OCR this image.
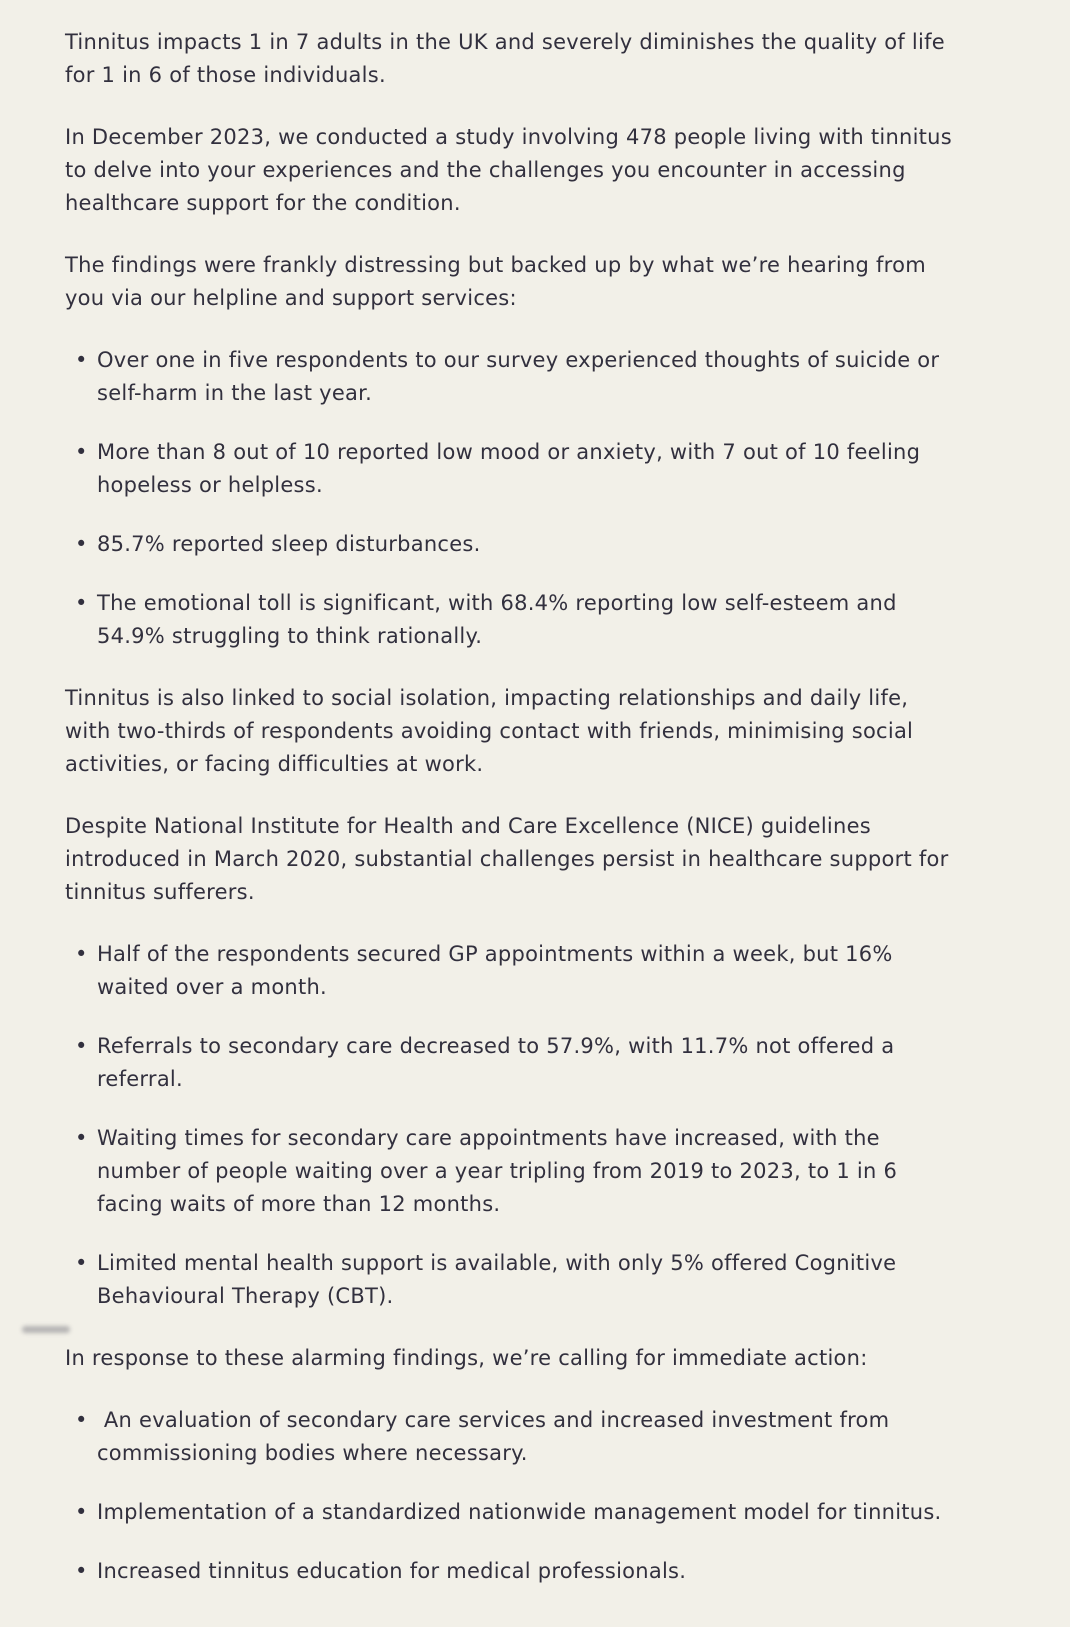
Tinnitus impacts 1 in 7 adults in the UK and severely diminishes the quality of life for 1 in 6 of those individuals.

In December 2023, we conducted a study involving 478 people living with tinnitus to delve into your experiences and the challenges you encounter in accessing healthcare support for the condition.

The findings were frankly distressing but backed up by what we’re hearing from you via our helpline and support services:

• Over one in five respondents to our survey experienced thoughts of suicide or self-harm in the last year.
• More than 8 out of 10 reported low mood or anxiety, with 7 out of 10 feeling hopeless or helpless.
• 85.7% reported sleep disturbances.
• The emotional toll is significant, with 68.4% reporting low self-esteem and 54.9% struggling to think rationally.

Tinnitus is also linked to social isolation, impacting relationships and daily life, with two-thirds of respondents avoiding contact with friends, minimising social activities, or facing difficulties at work.

Despite National Institute for Health and Care Excellence (NICE) guidelines introduced in March 2020, substantial challenges persist in healthcare support for tinnitus sufferers.

• Half of the respondents secured GP appointments within a week, but 16% waited over a month.
• Referrals to secondary care decreased to 57.9%, with 11.7% not offered a referral.
• Waiting times for secondary care appointments have increased, with the number of people waiting over a year tripling from 2019 to 2023, to 1 in 6 facing waits of more than 12 months.
• Limited mental health support is available, with only 5% offered Cognitive Behavioural Therapy (CBT).

In response to these alarming findings, we’re calling for immediate action:

•  An evaluation of secondary care services and increased investment from commissioning bodies where necessary.
• Implementation of a standardized nationwide management model for tinnitus.
• Increased tinnitus education for medical professionals.
